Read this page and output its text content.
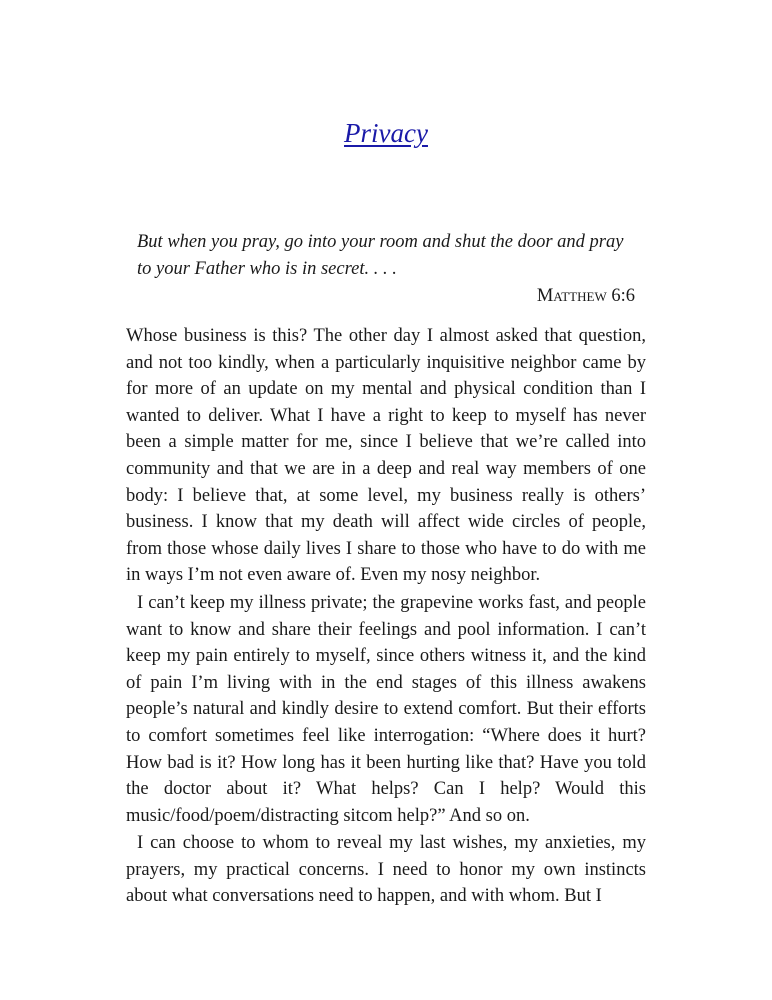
Privacy
But when you pray, go into your room and shut the door and pray to your Father who is in secret. . . .
Matthew 6:6

Whose business is this? The other day I almost asked that question, and not too kindly, when a particularly inquisitive neighbor came by for more of an update on my mental and physical condition than I wanted to deliver. What I have a right to keep to myself has never been a simple matter for me, since I believe that we’re called into community and that we are in a deep and real way members of one body: I believe that, at some level, my business really is others’ business. I know that my death will affect wide circles of people, from those whose daily lives I share to those who have to do with me in ways I’m not even aware of. Even my nosy neighbor.

I can’t keep my illness private; the grapevine works fast, and people want to know and share their feelings and pool information. I can’t keep my pain entirely to myself, since others witness it, and the kind of pain I’m living with in the end stages of this illness awakens people’s natural and kindly desire to extend comfort. But their efforts to comfort sometimes feel like interrogation: “Where does it hurt? How bad is it? How long has it been hurting like that? Have you told the doctor about it? What helps? Can I help? Would this music/food/poem/distracting sitcom help?” And so on.

I can choose to whom to reveal my last wishes, my anxieties, my prayers, my practical concerns. I need to honor my own instincts about what conversations need to happen, and with whom. But I
